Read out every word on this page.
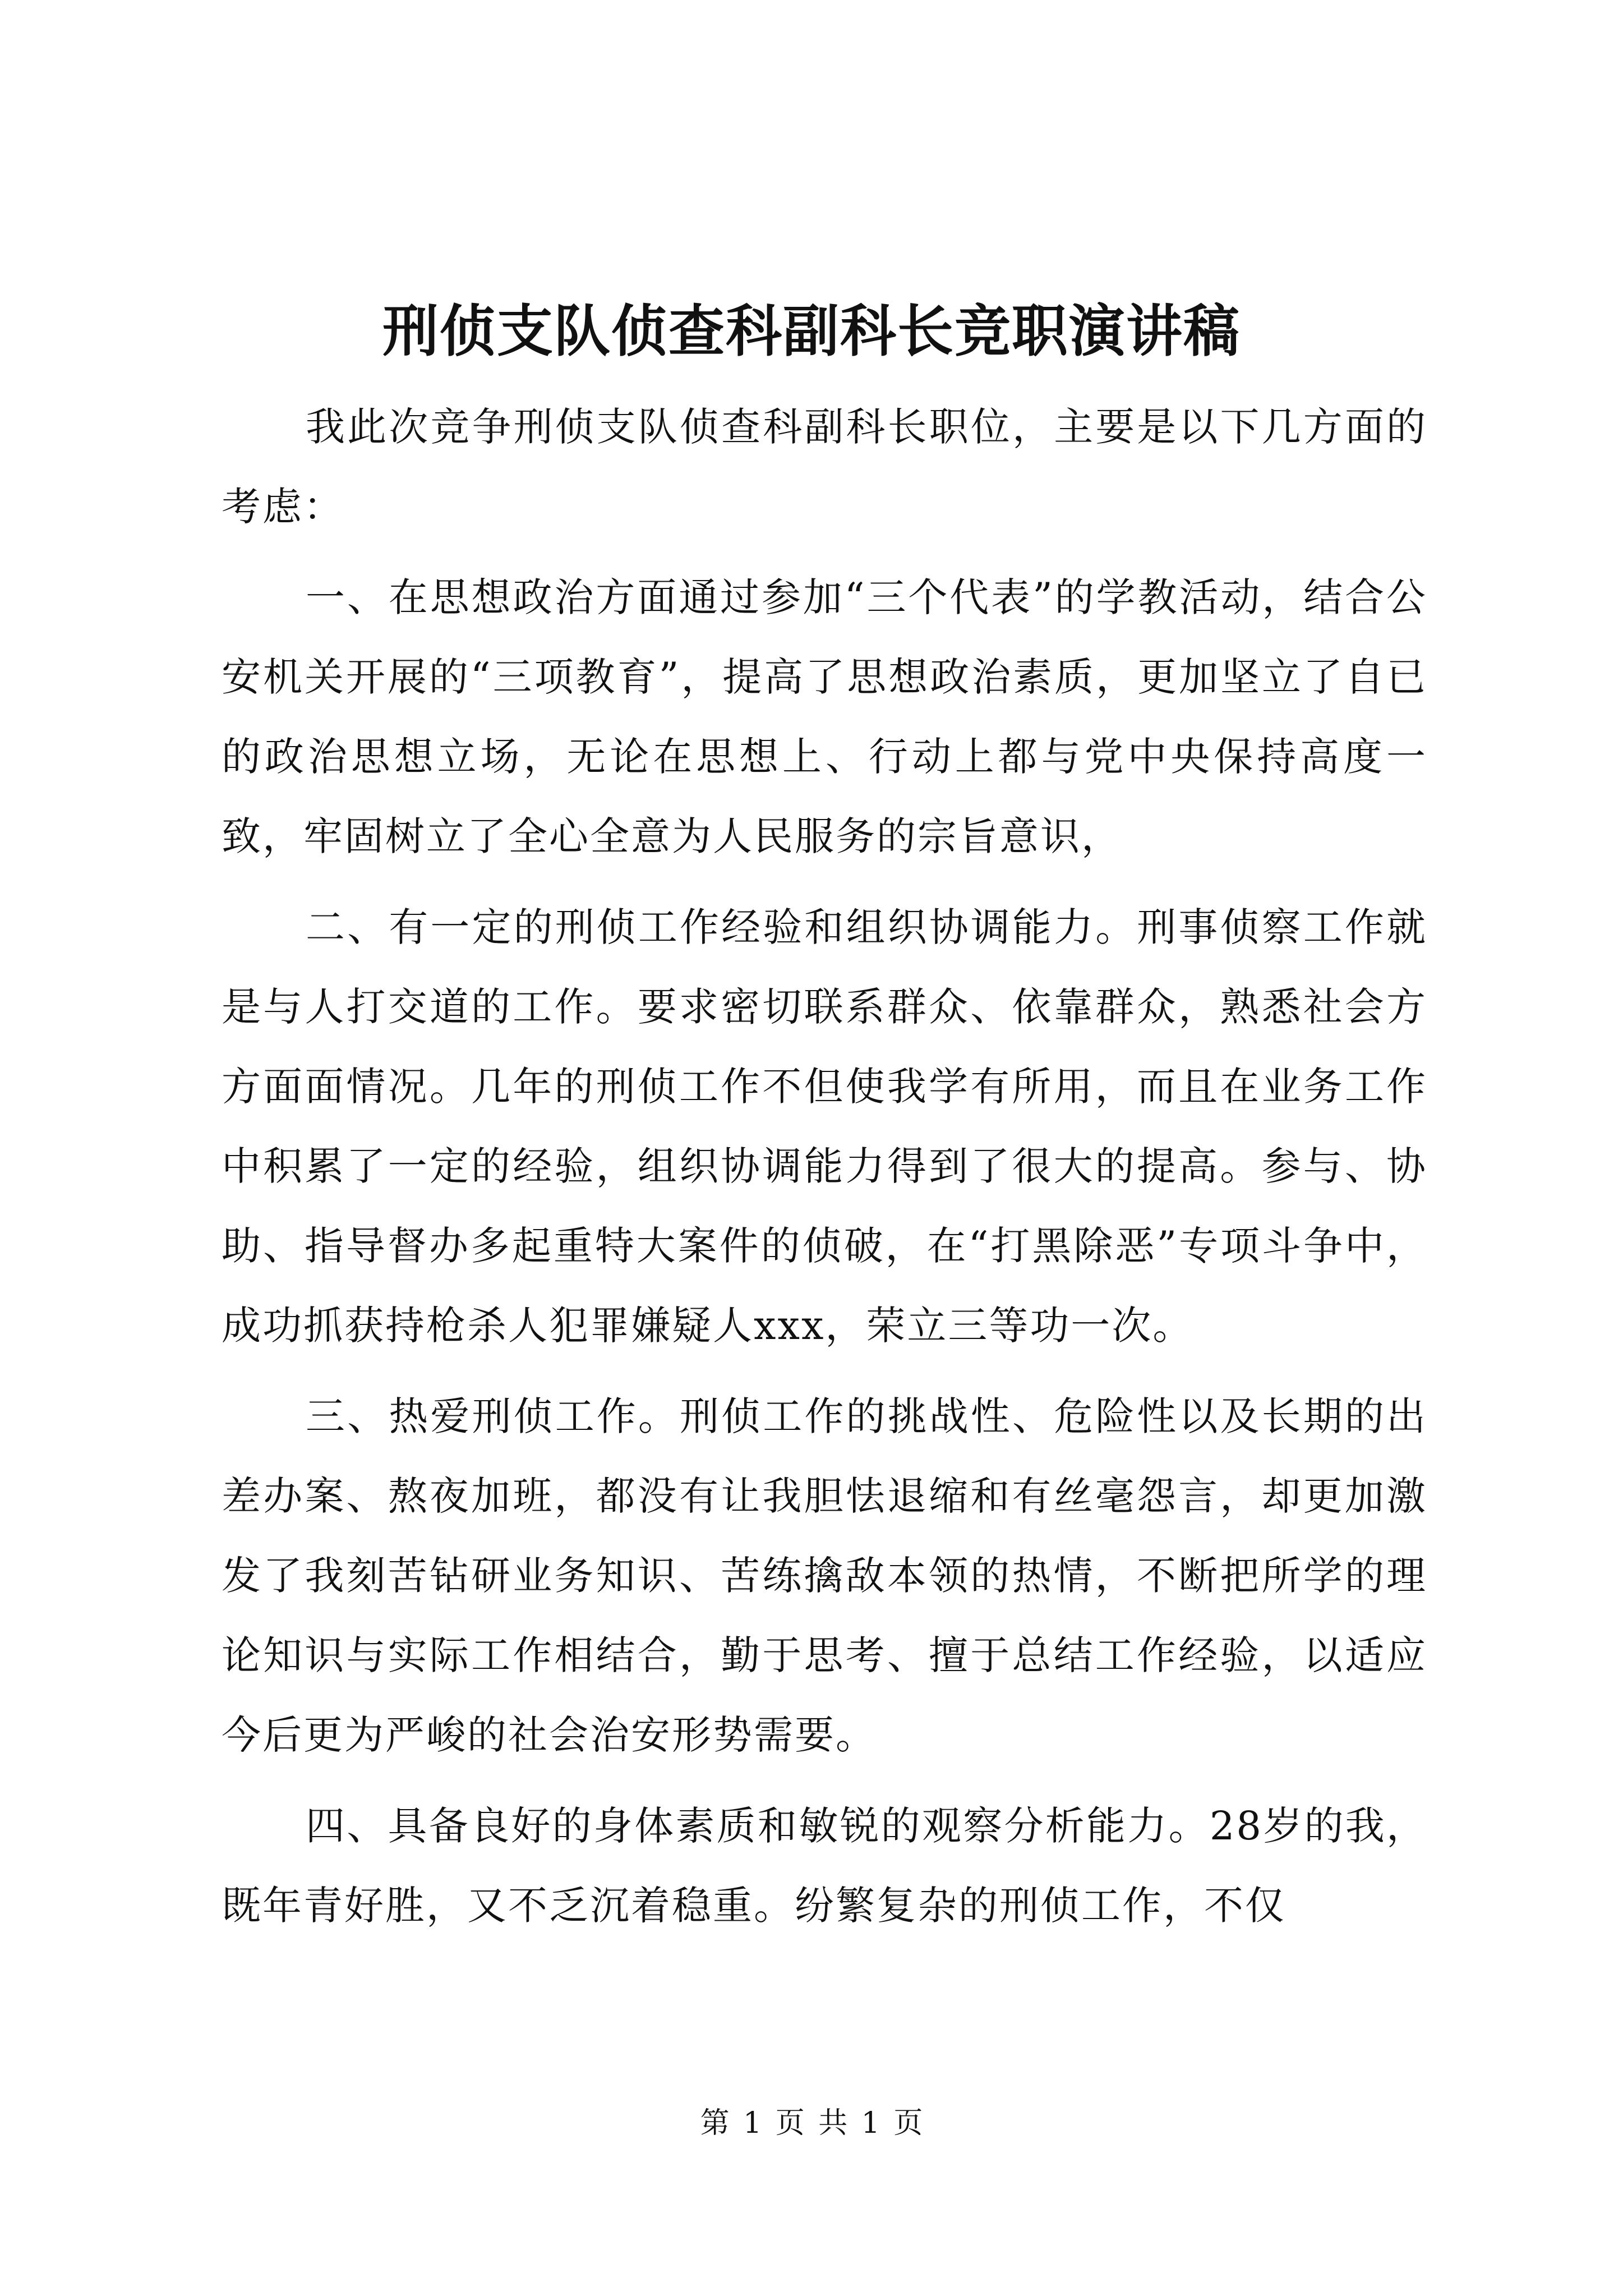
刑侦支队侦查科副科长竞职演讲稿

我此次竞争刑侦支队侦查科副科长职位，主要是以下几方面的考虑：

一、在思想政治方面通过参加“三个代表”的学教活动，结合公安机关开展的“三项教育”，提高了思想政治素质，更加坚立了自已的政治思想立场，无论在思想上、行动上都与党中央保持高度一致，牢固树立了全心全意为人民服务的宗旨意识，

二、有一定的刑侦工作经验和组织协调能力。刑事侦察工作就是与人打交道的工作。要求密切联系群众、依靠群众，熟悉社会方方面面情况。几年的刑侦工作不但使我学有所用，而且在业务工作中积累了一定的经验，组织协调能力得到了很大的提高。参与、协助、指导督办多起重特大案件的侦破，在“打黑除恶”专项斗争中，成功抓获持枪杀人犯罪嫌疑人xxx，荣立三等功一次。

三、热爱刑侦工作。刑侦工作的挑战性、危险性以及长期的出差办案、熬夜加班，都没有让我胆怯退缩和有丝毫怨言，却更加激发了我刻苦钻研业务知识、苦练擒敌本领的热情，不断把所学的理论知识与实际工作相结合，勤于思考、擅于总结工作经验，以适应今后更为严峻的社会治安形势需要。

四、具备良好的身体素质和敏锐的观察分析能力。28岁的我，既年青好胜，又不乏沉着稳重。纷繁复杂的刑侦工作，不仅

第 1 页 共 1 页
